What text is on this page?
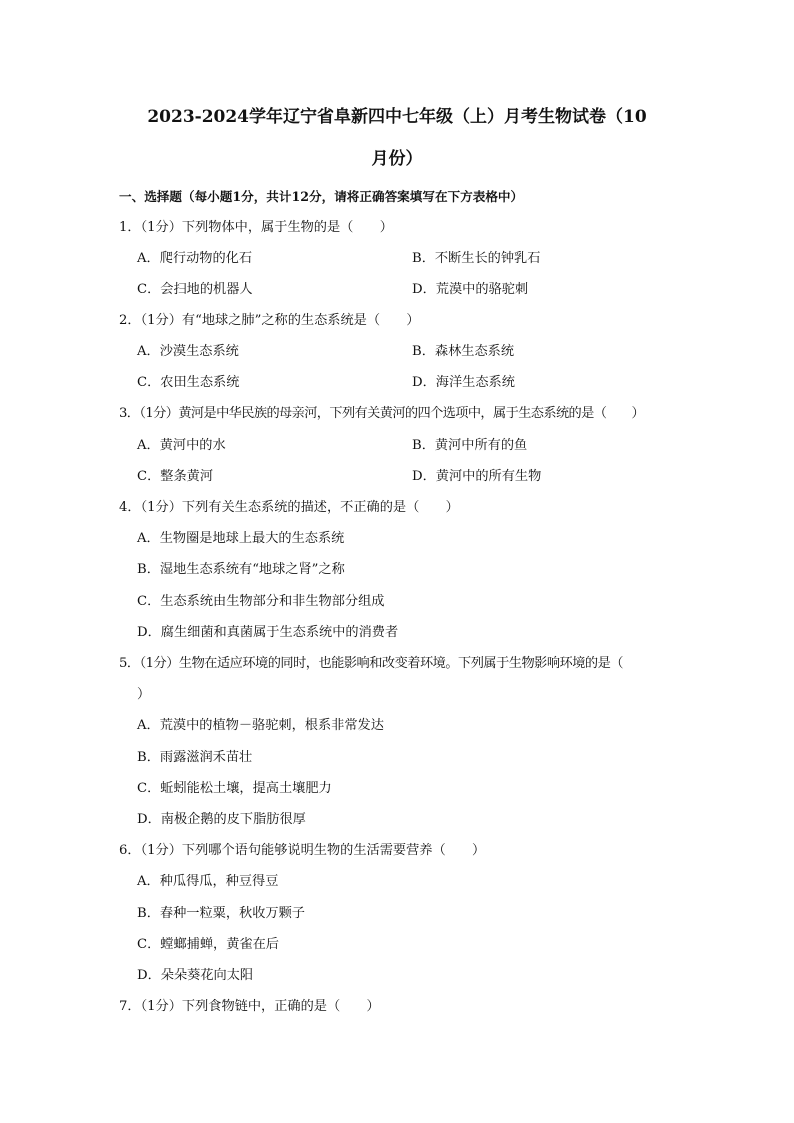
2023-2024学年辽宁省阜新四中七年级（上）月考生物试卷（10
月份）
一、选择题（每小题1分，共计12分，请将正确答案填写在下方表格中）
1．（1分）下列物体中，属于生物的是（　　）
A．爬行动物的化石	B．不断生长的钟乳石
C．会扫地的机器人	D．荒漠中的骆驼刺
2．（1分）有“地球之肺”之称的生态系统是（　　）
A．沙漠生态系统	B．森林生态系统
C．农田生态系统	D．海洋生态系统
3．（1分）黄河是中华民族的母亲河，下列有关黄河的四个选项中，属于生态系统的是（　　）
A．黄河中的水	B．黄河中所有的鱼
C．整条黄河	D．黄河中的所有生物
4．（1分）下列有关生态系统的描述，不正确的是（　　）
A．生物圈是地球上最大的生态系统
B．湿地生态系统有“地球之肾”之称
C．生态系统由生物部分和非生物部分组成
D．腐生细菌和真菌属于生态系统中的消费者
5．（1分）生物在适应环境的同时，也能影响和改变着环境。下列属于生物影响环境的是（
）
A．荒漠中的植物－骆驼刺，根系非常发达
B．雨露滋润禾苗壮
C．蚯蚓能松土壤，提高土壤肥力
D．南极企鹅的皮下脂肪很厚
6．（1分）下列哪个语句能够说明生物的生活需要营养（　　）
A．种瓜得瓜，种豆得豆
B．春种一粒粟，秋收万颗子
C．螳螂捕蝉，黄雀在后
D．朵朵葵花向太阳
7．（1分）下列食物链中，正确的是（　　）
